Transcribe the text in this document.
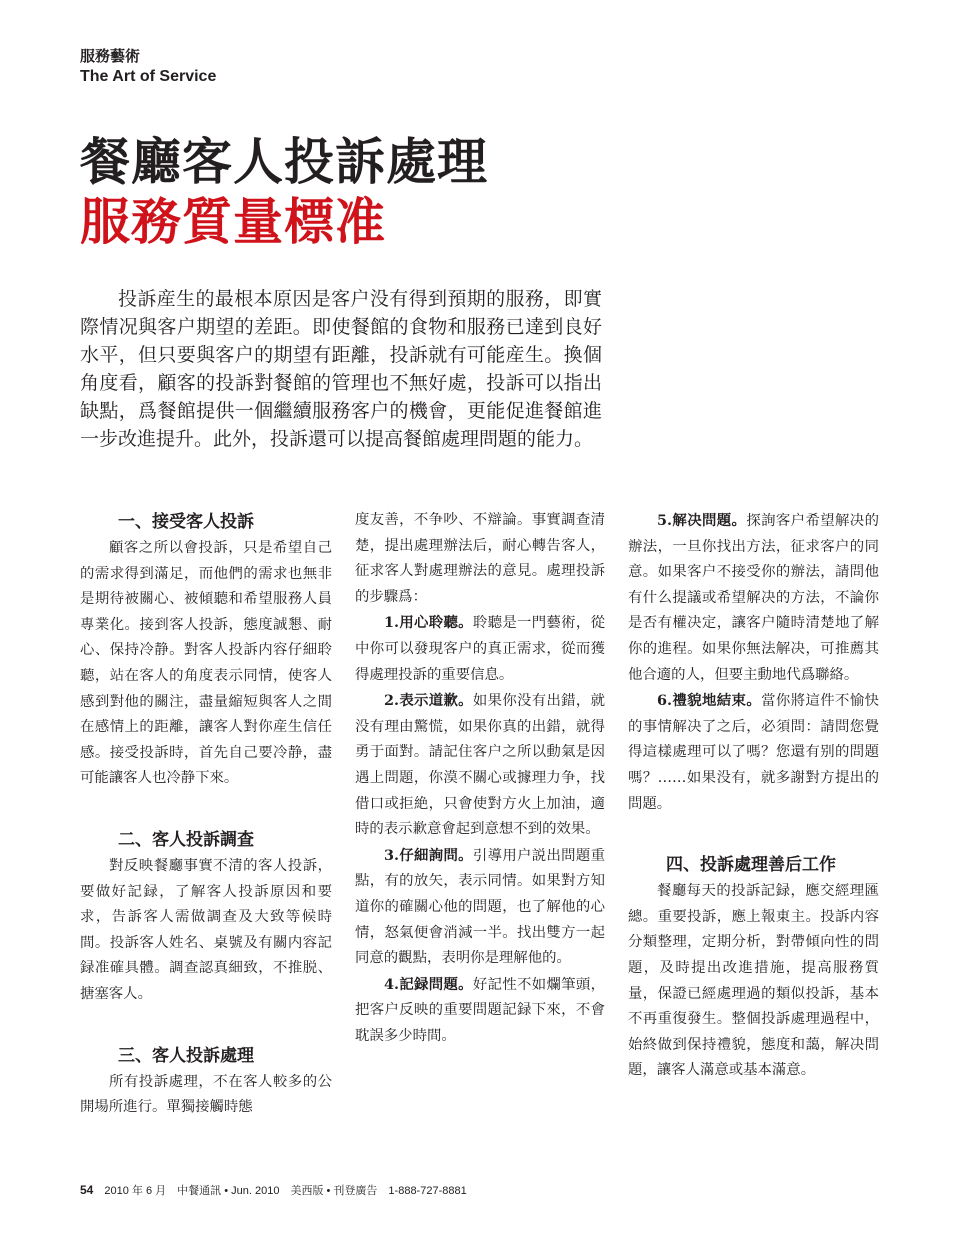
服務藝術
The Art of Service
餐廳客人投訴處理
服務質量標准

投訴産生的最根本原因是客户没有得到預期的服務，即實際情况與客户期望的差距。即使餐館的食物和服務已達到良好水平，但只要與客户的期望有距離，投訴就有可能産生。換個角度看，顧客的投訴對餐館的管理也不無好處，投訴可以指出缺點，爲餐館提供一個繼續服務客户的機會，更能促進餐館進一步改進提升。此外，投訴還可以提高餐館處理問題的能力。

一、接受客人投訴

顧客之所以會投訴，只是希望自己的需求得到滿足，而他們的需求也無非是期待被關心、被傾聽和希望服務人員專業化。接到客人投訴，態度誠懇、耐心、保持冷静。對客人投訴内容仔細聆聽，站在客人的角度表示同情，使客人感到對他的關注，盡量縮短與客人之間在感情上的距離，讓客人對你産生信任感。接受投訴時，首先自己要冷静，盡可能讓客人也冷静下來。

二、客人投訴調查

對反映餐廳事實不清的客人投訴，要做好記録，了解客人投訴原因和要求，告訴客人需做調查及大致等候時間。投訴客人姓名、桌號及有關内容記録准確具體。調查認真細致，不推脱、搪塞客人。

三、客人投訴處理

所有投訴處理，不在客人較多的公開場所進行。單獨接觸時態

度友善，不争吵、不辯論。事實調查清楚，提出處理辦法后，耐心轉告客人，征求客人對處理辦法的意見。處理投訴的步驟爲：

1.用心聆聽。聆聽是一門藝術，從中你可以發現客户的真正需求，從而獲得處理投訴的重要信息。

2.表示道歉。如果你没有出錯，就没有理由驚慌，如果你真的出錯，就得勇于面對。請記住客户之所以動氣是因遇上問題，你漠不關心或據理力争，找借口或拒絶，只會使對方火上加油，適時的表示歉意會起到意想不到的效果。

3.仔細詢問。引導用户説出問題重點，有的放矢，表示同情。如果對方知道你的確關心他的問題，也了解他的心情，怒氣便會消減一半。找出雙方一起同意的觀點，表明你是理解他的。

4.記録問題。好記性不如爛筆頭，把客户反映的重要問題記録下來，不會耽誤多少時間。

5.解决問題。探詢客户希望解决的辦法，一旦你找出方法，征求客户的同意。如果客户不接受你的辦法，請問他有什么提議或希望解决的方法，不論你是否有權决定，讓客户隨時清楚地了解你的進程。如果你無法解决，可推薦其他合適的人，但要主動地代爲聯絡。

6.禮貌地結束。當你將這件不愉快的事情解决了之后，必須問：請問您覺得這樣處理可以了嗎？您還有别的問題嗎？……如果没有，就多謝對方提出的問題。

四、投訴處理善后工作

餐廳每天的投訴記録，應交經理匯總。重要投訴，應上報東主。投訴内容分類整理，定期分析，對帶傾向性的問題，及時提出改進措施，提高服務質量，保證已經處理過的類似投訴，基本不再重復發生。整個投訴處理過程中，始終做到保持禮貌，態度和藹，解决問題，讓客人滿意或基本滿意。

54 2010 年 6 月　中餐通訊 • Jun. 2010　美西版 • 刊登廣告　1-888-727-8881
